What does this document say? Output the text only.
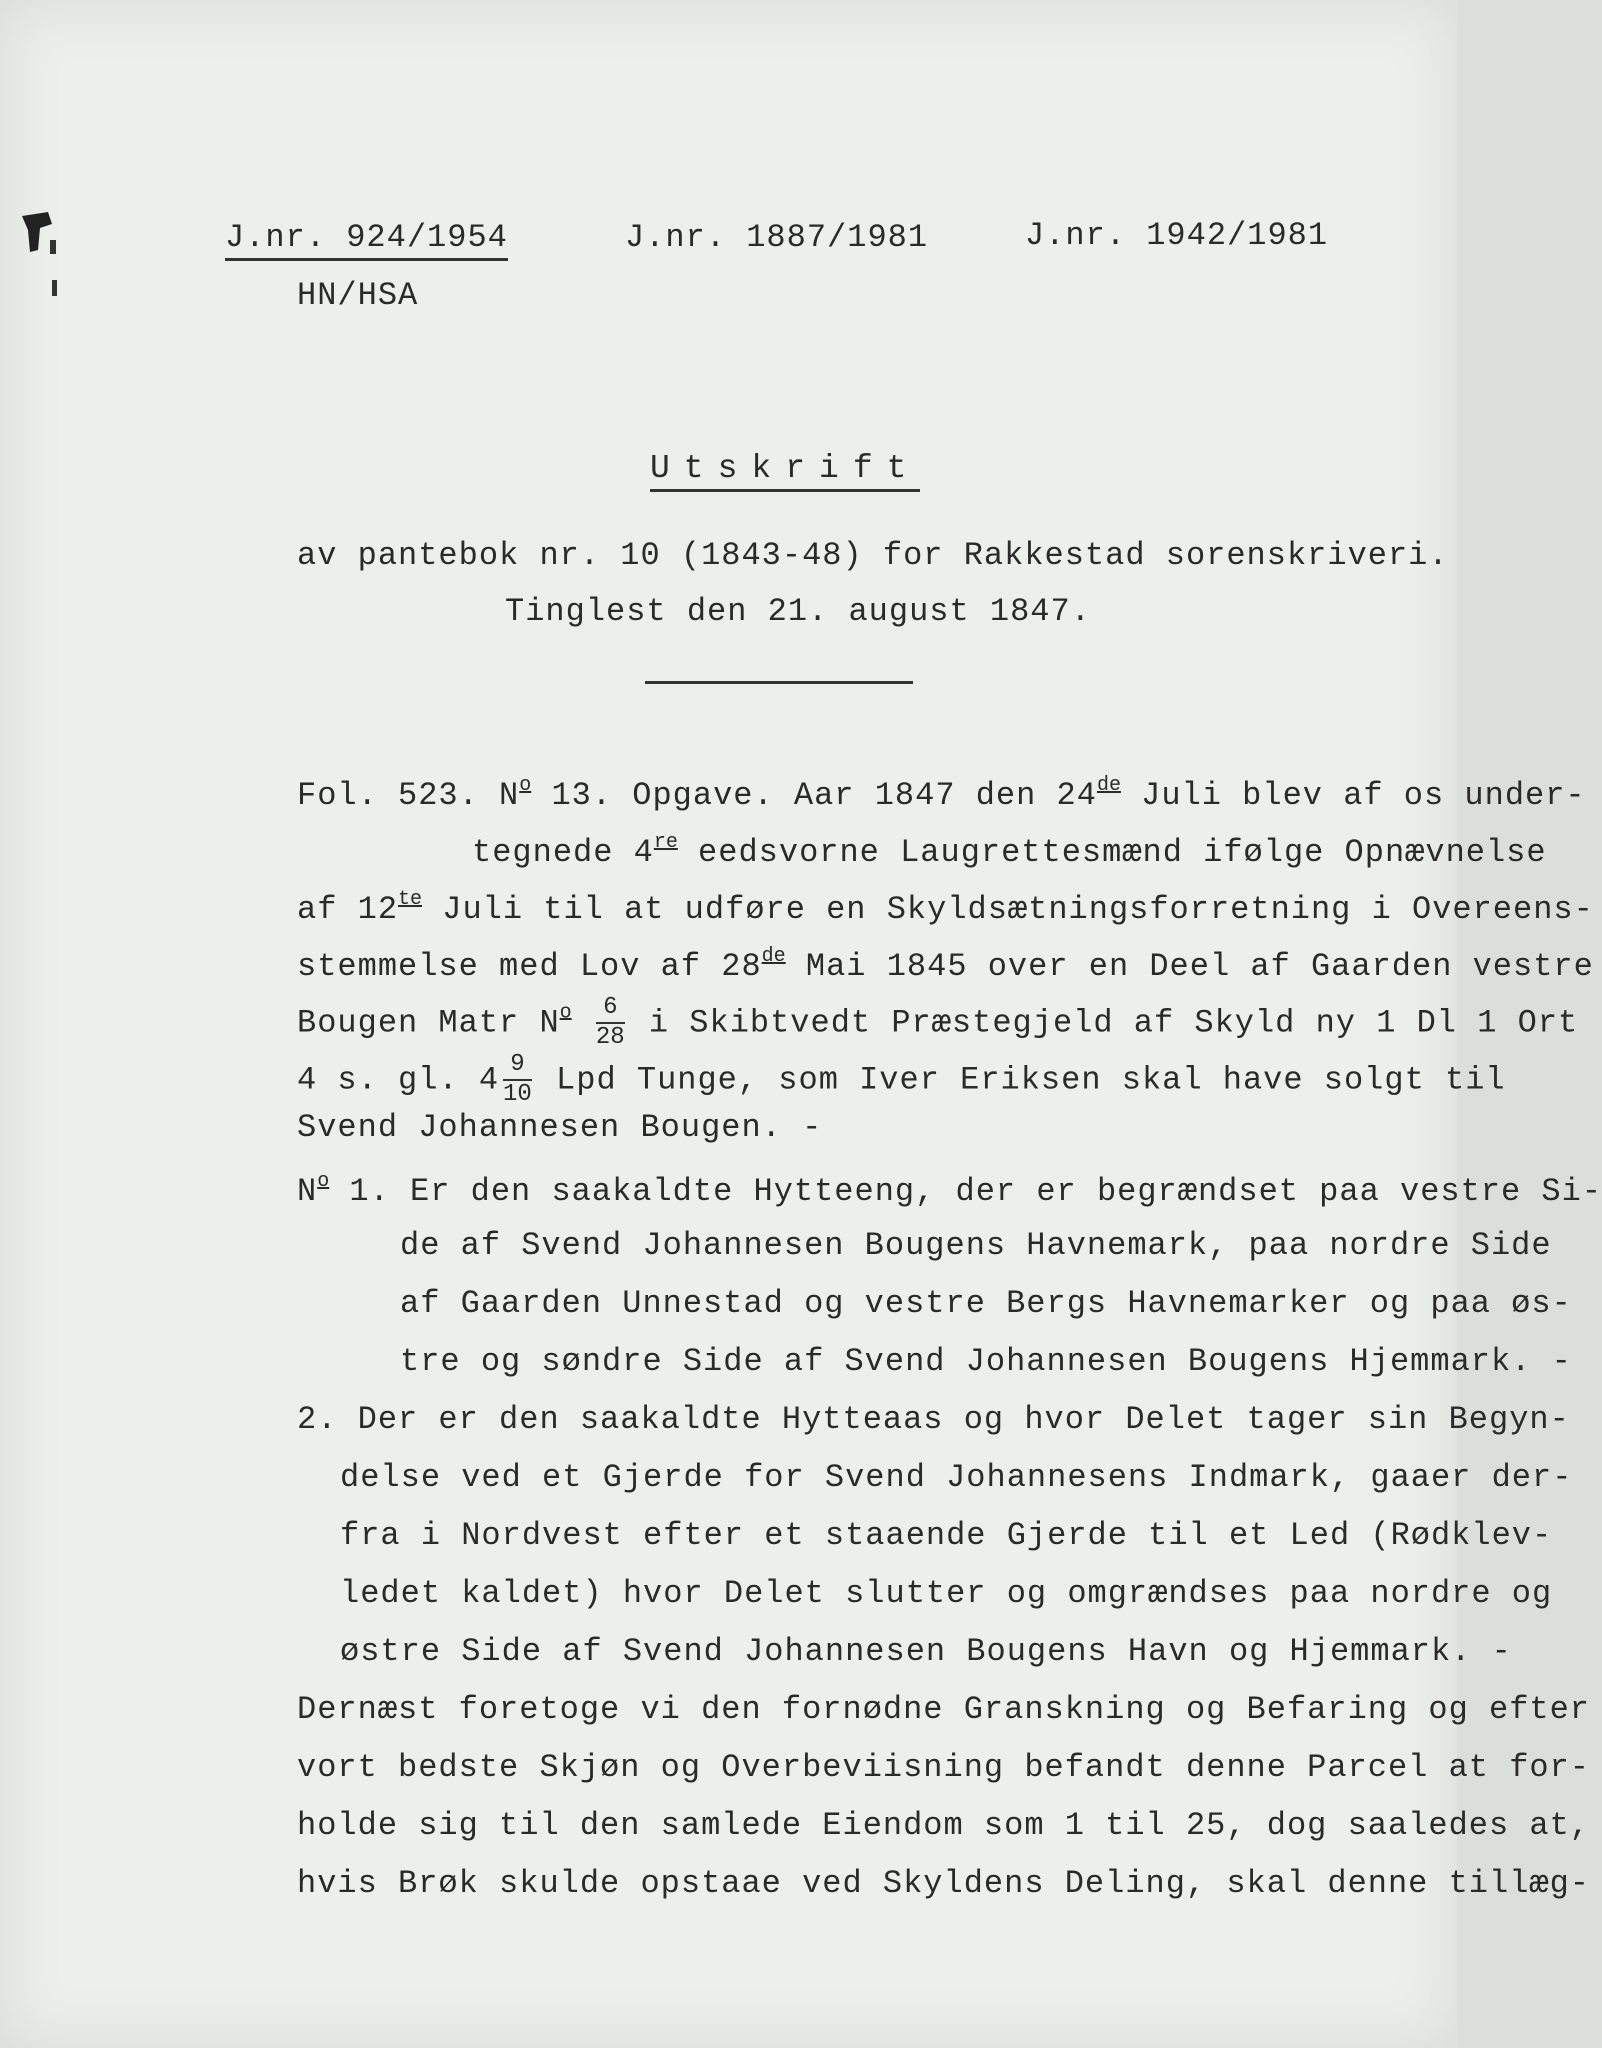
J.nr. 924/1954	J.nr. 1887/1981	J.nr. 1942/1981
HN/HSA
Utskrift
av pantebok nr. 10 (1843-48) for Rakkestad sorenskriveri.
Tinglest den 21. august 1847.
Fol. 523. $N^o$ 13. Opgave. Aar 1847 den 24de Juli blev af os under-
tegnede 4re eedsvorne Laugrettesmænd ifølge Opnævnelse
af $12^{te}$ Juli til at udføre en Skyldsætningsforretning i Overeens-
stemmelse med Lov af 28de Mai 1845 over en Deel af Gaarden vestre
Bougen Matr $N^o \frac{6}{28}$ i Skibtvedt Præstegjeld af Skyld ny 1 Dl 1 Ort
4 s. gl. $4 \frac{9}{10}$ Lpd Tunge, som Iver Eriksen skal have solgt til
Svend Johannesen Bougen. -
$N^o$ 1. Er den saakaldte Hytteeng, der er begrændset paa vestre Si-
de af Svend Johannesen Bougens Havnemark, paa nordre Side
af Gaarden Unnestad og vestre Bergs Havnemarker og paa øs-
tre og søndre Side af Svend Johannesen Bougens Hjemmark. -
2. Der er den saakaldte Hytteaas og hvor Delet tager sin Begyn-
delse ved et Gjerde for Svend Johannesens Indmark, gaaer der-
fra i Nordvest efter et staaende Gjerde til et Led (Rødklev-
ledet kaldet) hvor Delet slutter og omgrændses paa nordre og
østre Side af Svend Johannesen Bougens Havn og Hjemmark. -
Dernæst foretoge vi den fornødne Granskning og Befaring og efter
vort bedste Skjøn og Overbeviisning befandt denne Parcel at for-
holde sig til den samlede Eiendom som 1 til 25, dog saaledes at,
hvis Brøk skulde opstaae ved Skyldens Deling, skal denne tillæg-
